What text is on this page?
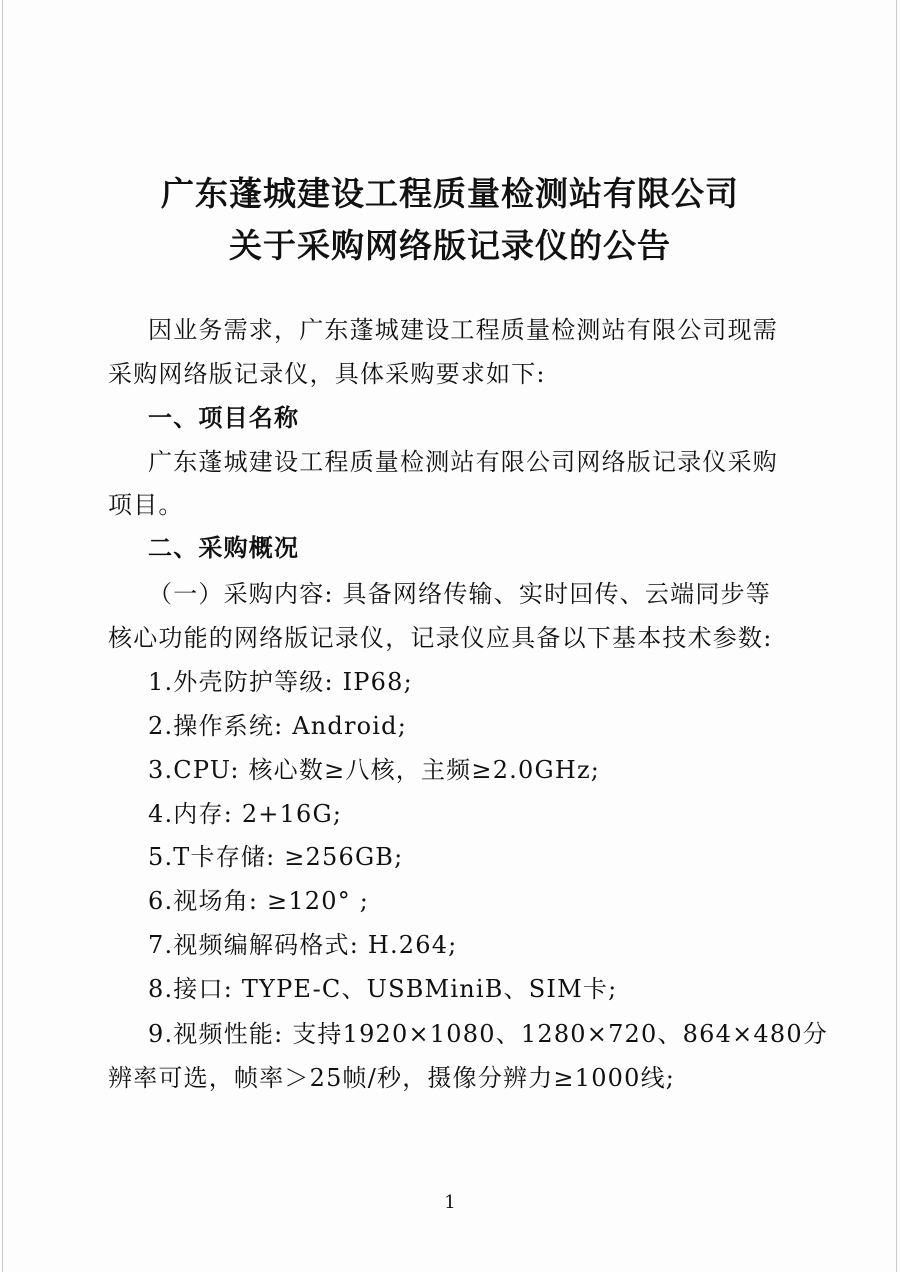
广东蓬城建设工程质量检测站有限公司
关于采购网络版记录仪的公告
因业务需求，广东蓬城建设工程质量检测站有限公司现需
采购网络版记录仪，具体采购要求如下:
一、项目名称
广东蓬城建设工程质量检测站有限公司网络版记录仪采购
项目。
二、采购概况
（一）采购内容: 具备网络传输、实时回传、云端同步等
核心功能的网络版记录仪，记录仪应具备以下基本技术参数:
1.外壳防护等级: IP68;
2.操作系统: Android;
3.CPU: 核心数≥八核，主频≥2.0GHz;
4.内存: 2+16G;
5.T卡存储: ≥256GB;
6.视场角: ≥120° ;
7.视频编解码格式: H.264;
8.接口: TYPE-C、USBMiniB、SIM卡;
9.视频性能: 支持1920×1080、1280×720、864×480分
辨率可选，帧率＞25帧/秒，摄像分辨力≥1000线;
1
